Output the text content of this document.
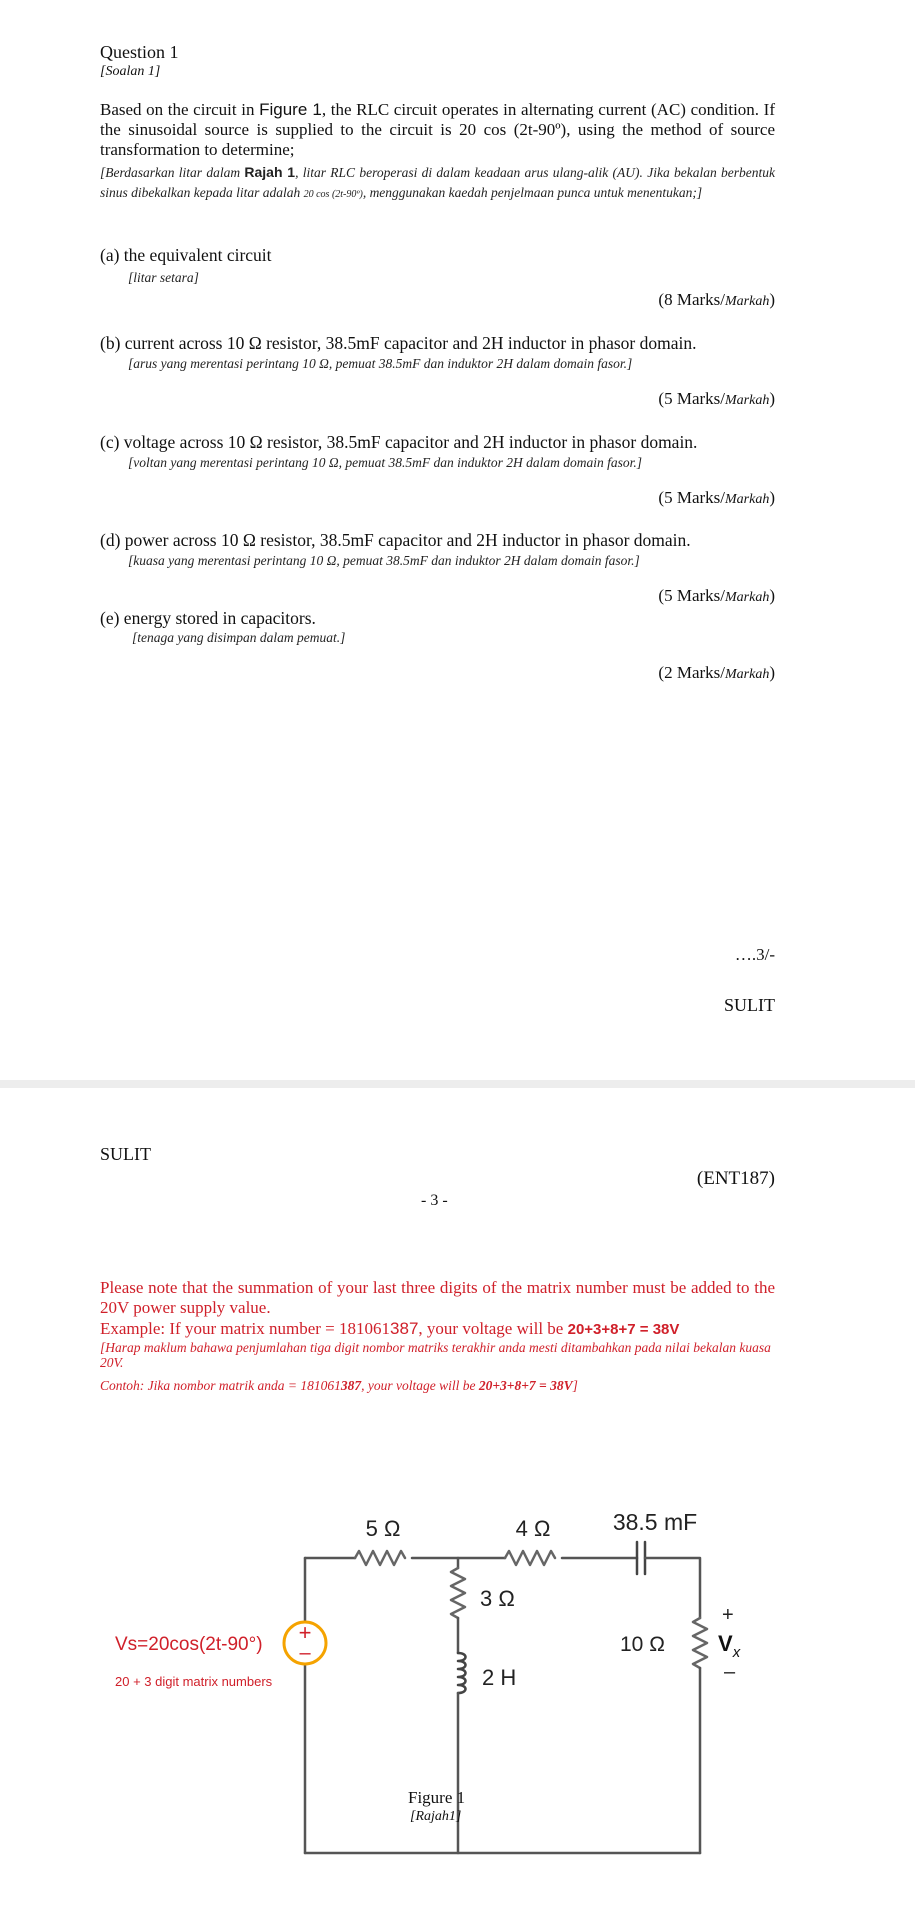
Question 1
[Soalan 1]
Based on the circuit in Figure 1, the RLC circuit operates in alternating current (AC) condition. If the sinusoidal source is supplied to the circuit is 20 cos (2t-90º), using the method of source transformation to determine;
[Berdasarkan litar dalam Rajah 1, litar RLC beroperasi di dalam keadaan arus ulang-alik (AU). Jika bekalan berbentuk sinus dibekalkan kepada litar adalah 20 cos (2t-90º), menggunakan kaedah penjelmaan punca untuk menentukan;]
(a) the equivalent circuit
[litar setara]
(8 Marks/Markah)
(b) current across 10 Ω resistor, 38.5mF capacitor and 2H inductor in phasor domain.
[arus yang merentasi perintang 10 Ω, pemuat 38.5mF dan induktor 2H dalam domain fasor.]
(5 Marks/Markah)
(c) voltage across 10 Ω resistor, 38.5mF capacitor and 2H inductor in phasor domain.
[voltan yang merentasi perintang 10 Ω, pemuat 38.5mF dan induktor 2H dalam domain fasor.]
(5 Marks/Markah)
(d) power across 10 Ω resistor, 38.5mF capacitor and 2H inductor in phasor domain.
[kuasa yang merentasi perintang 10 Ω, pemuat 38.5mF dan induktor 2H dalam domain fasor.]
(5 Marks/Markah)
(e) energy stored in capacitors.
[tenaga yang disimpan dalam pemuat.]
(2 Marks/Markah)
….3/-
SULIT
SULIT
(ENT187)
- 3 -
Please note that the summation of your last three digits of the matrix number must be added to the 20V power supply value.
Example: If your matrix number = 181061387, your voltage will be 20+3+8+7 = 38V
[Harap maklum bahawa penjumlahan tiga digit nombor matriks terakhir anda mesti ditambahkan pada nilai bekalan kuasa 20V.
Contoh: Jika nombor matrik anda = 181061387, your voltage will be 20+3+8+7 = 38V]
+
–
5 Ω	4 Ω	38.5 mF
3 Ω
2 H
10 Ω
+
$V_x$
–
Vs=20cos(2t-90°)
20 + 3 digit matrix numbers
Figure 1
[Rajah1]
